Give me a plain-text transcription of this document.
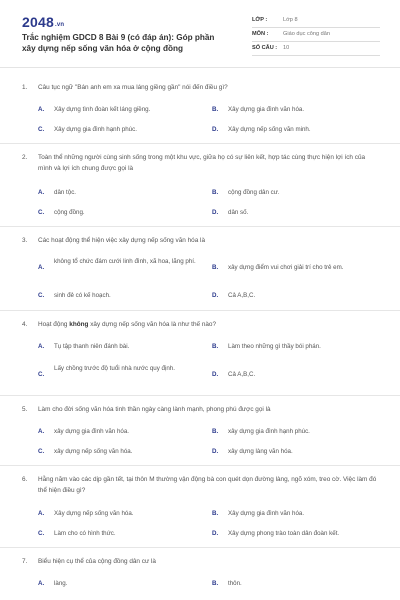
2048.vn
Trắc nghiệm GDCD 8 Bài 9 (có đáp án): Góp phần xây dựng nếp sống văn hóa ở cộng đồng
LỚP :	Lớp 8
MÔN :	Giáo dục công dân
SỐ CÂU : 10
1. Câu tục ngữ "Bán anh em xa mua láng giềng gần" nói đến điều gì?
A. Xây dựng tình đoàn kết láng giềng.	B. Xây dựng gia đình văn hóa.
C. Xây dựng gia đình hạnh phúc.	D. Xây dựng nếp sống văn minh.
2. Toàn thể những người cùng sinh sống trong một khu vực, giữa họ có sự liên kết, hợp tác cùng thực hiện lợi ích của mình và lợi ích chung được gọi là
A. dân tộc.	B. cộng đồng dân cư.
C. cộng đồng.	D. dân số.
3. Các hoạt động thể hiện việc xây dựng nếp sống văn hóa là
A.
không tổ chức đám cưới linh đình, xã hoa, lãng phí.
B. xây dựng điểm vui chơi giải trí cho trẻ em.
C. sinh đẻ có kế hoạch.	D. Cả A,B,C.
4. Hoạt động không xây dựng nếp sống văn hóa là như thế nào?
A. Tụ tập thanh niên đánh bài.	B. Làm theo những gì thầy bói phán.
C.
Lấy chồng trước độ tuổi nhà nước quy định.
D. Cả A,B,C.
5. Làm cho đời sống văn hóa tinh thần ngày càng lành mạnh, phong phú được gọi là
A. xây dựng gia đình văn hóa.	B. xây dựng gia đình hạnh phúc.
C. xây dựng nếp sống văn hóa.	D. xây dựng làng văn hóa.
6. Hằng năm vào các dịp gần tết, tại thôn M thường vận động bà con quét dọn đường làng, ngõ xóm, treo cờ. Việc làm đó thể hiện điều gì?
A. Xây dựng nếp sống văn hóa.	B. Xây dựng gia đình văn hóa.
C. Làm cho có hình thức.	D. Xây dựng phong trào toàn dân đoàn kết.
7. Biểu hiện cụ thể của cộng đồng dân cư là
A. làng.	B. thôn.
